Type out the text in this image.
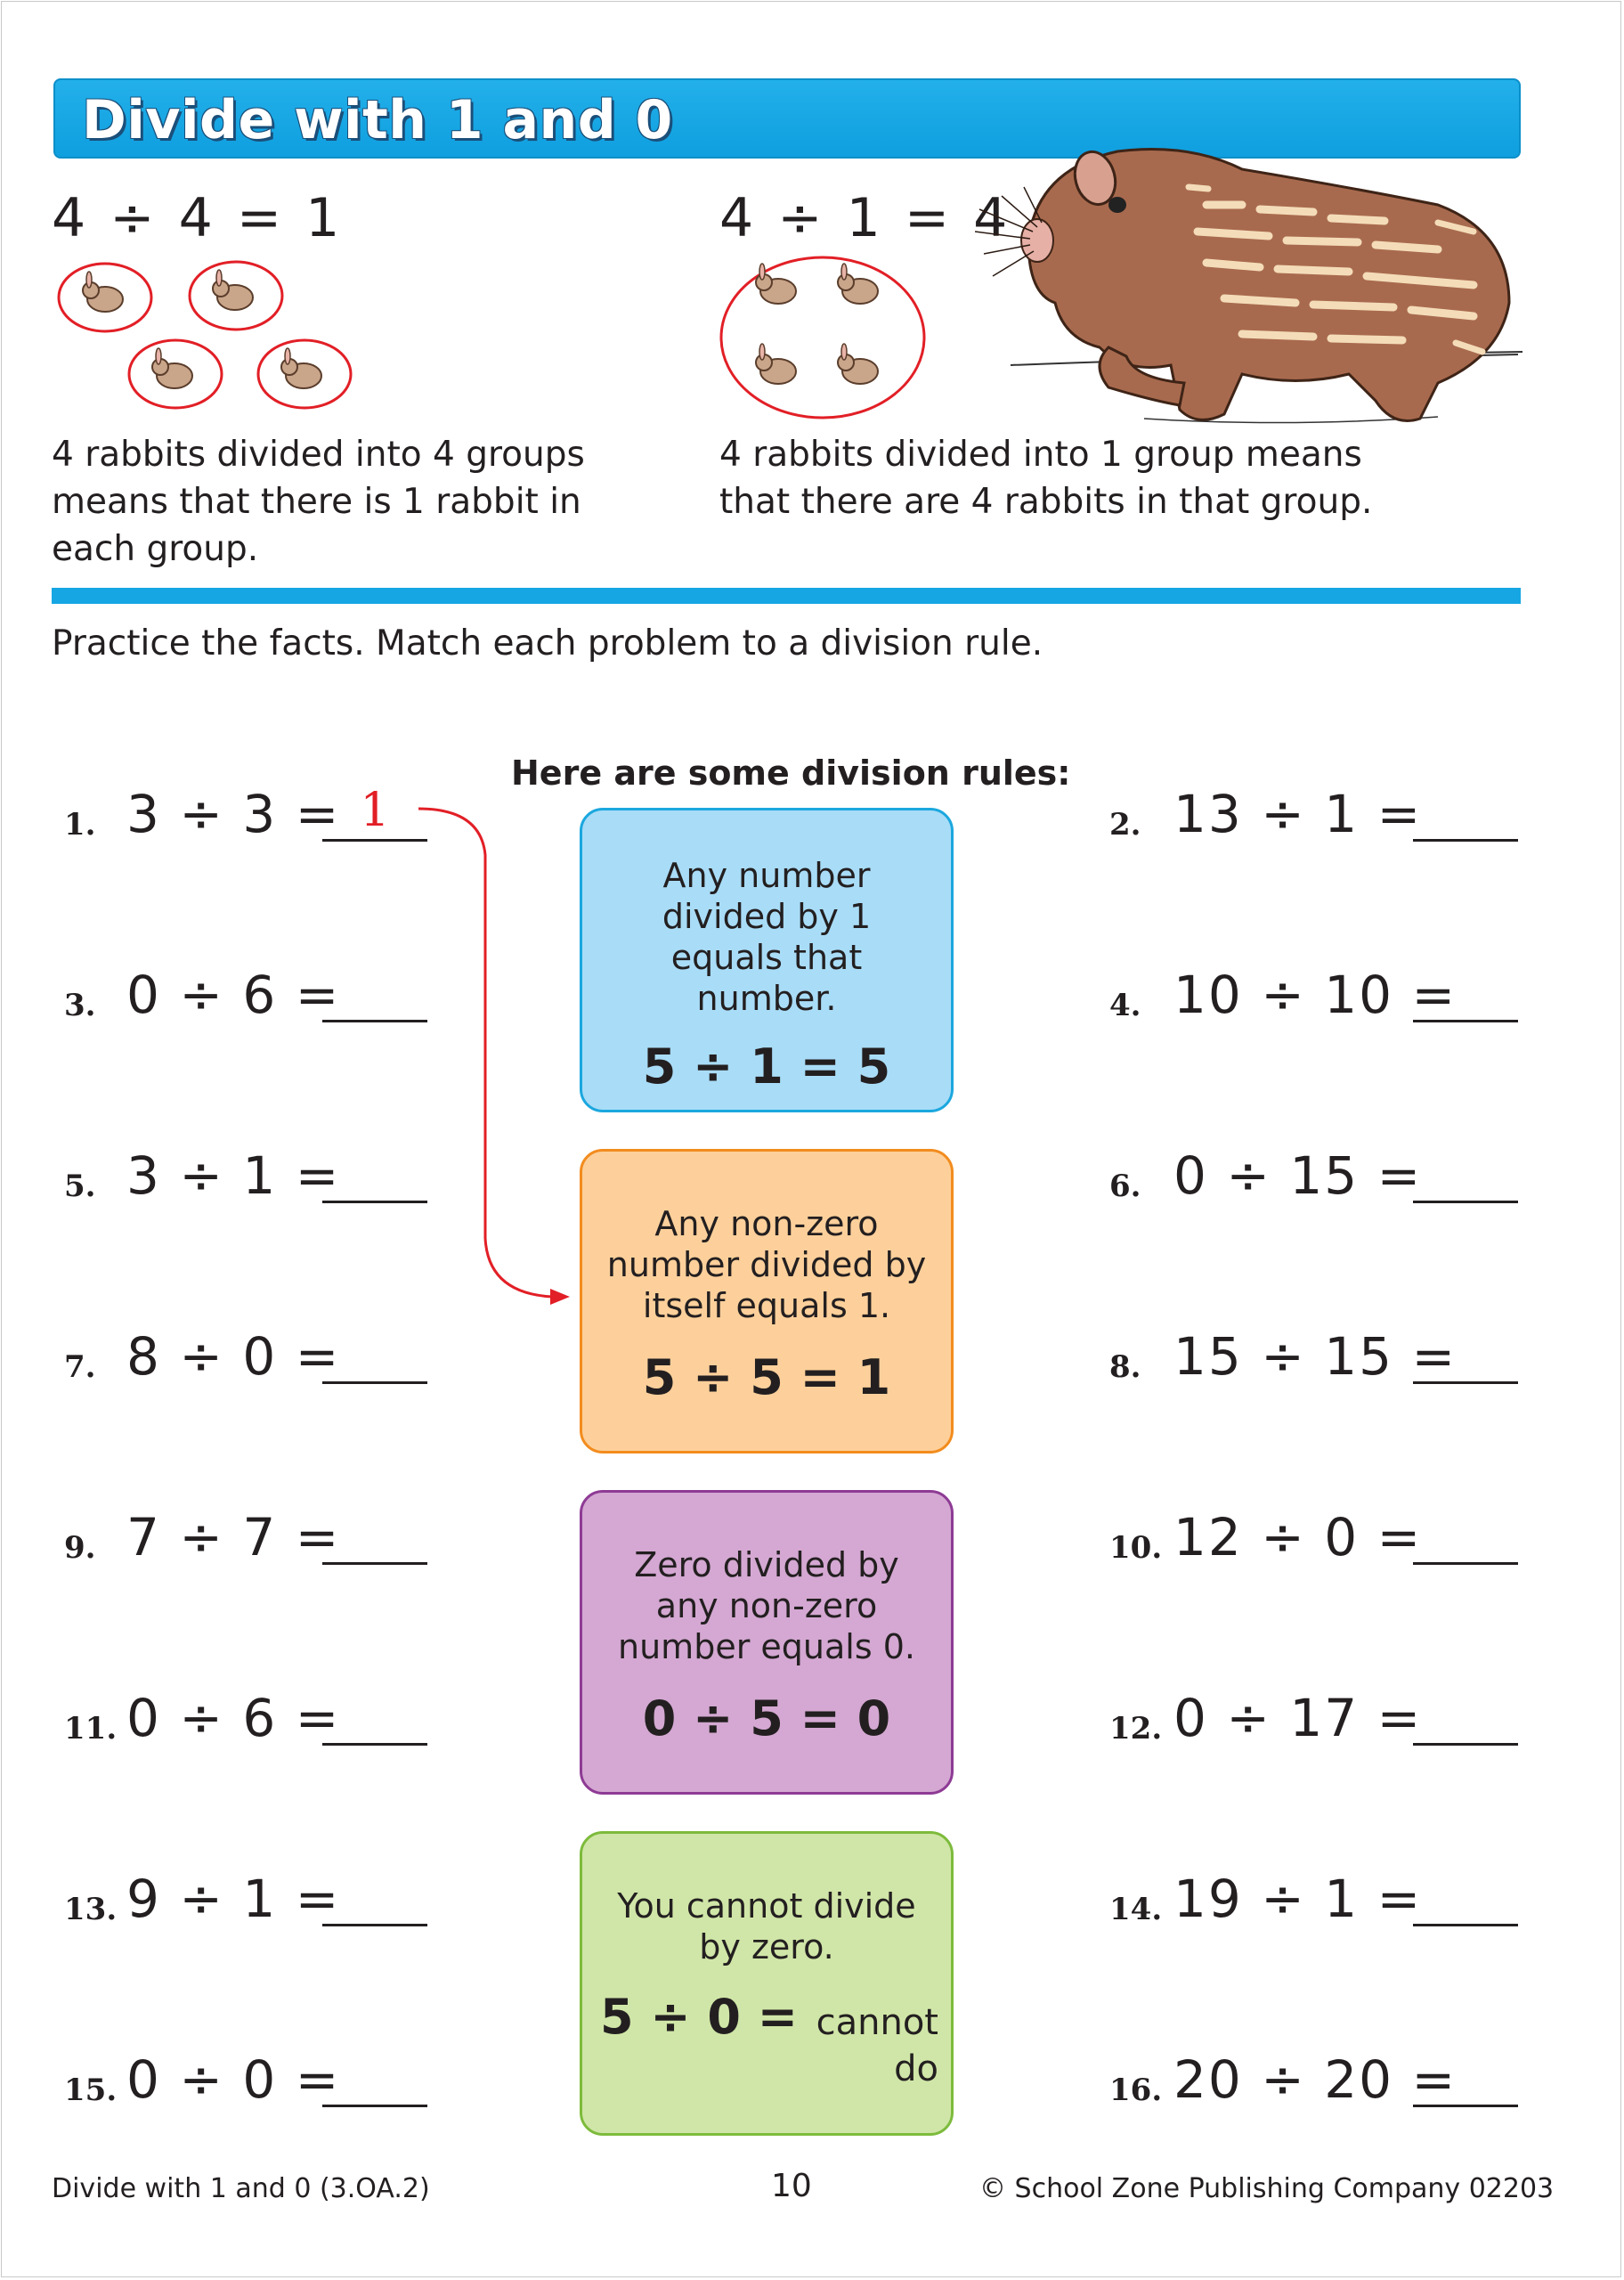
Divide with 1 and 0
4 ÷ 4 = 1
4 rabbits divided into 4 groups
means that there is 1 rabbit in
each group.
4 ÷ 1 = 4
4 rabbits divided into 1 group means
that there are 4 rabbits in that group.
Practice the facts. Match each problem to a division rule.
Here are some division rules:
Any number divided by 1 equals that number.
5 ÷ 1 = 5
Any non-zero number divided by itself equals 1.
5 ÷ 5 = 1
Zero divided by any non-zero number equals 0.
0 ÷ 5 = 0
You cannot divide by zero.
5 ÷ 0 = cannot
do
1. 3 ÷ 3 = 1	2. 13 ÷ 1 =
3. 0 ÷ 6 =	4. 10 ÷ 10 =
5. 3 ÷ 1 =	6. 0 ÷ 15 =
7. 8 ÷ 0 =	8. 15 ÷ 15 =
9. 7 ÷ 7 =	10. 12 ÷ 0 =
11. 0 ÷ 6 =	12. 0 ÷ 17 =
13. 9 ÷ 1 =	14. 19 ÷ 1 =
15. 0 ÷ 0 =	16. 20 ÷ 20 =
Divide with 1 and 0 (3.OA.2)	10	© School Zone Publishing Company 02203
